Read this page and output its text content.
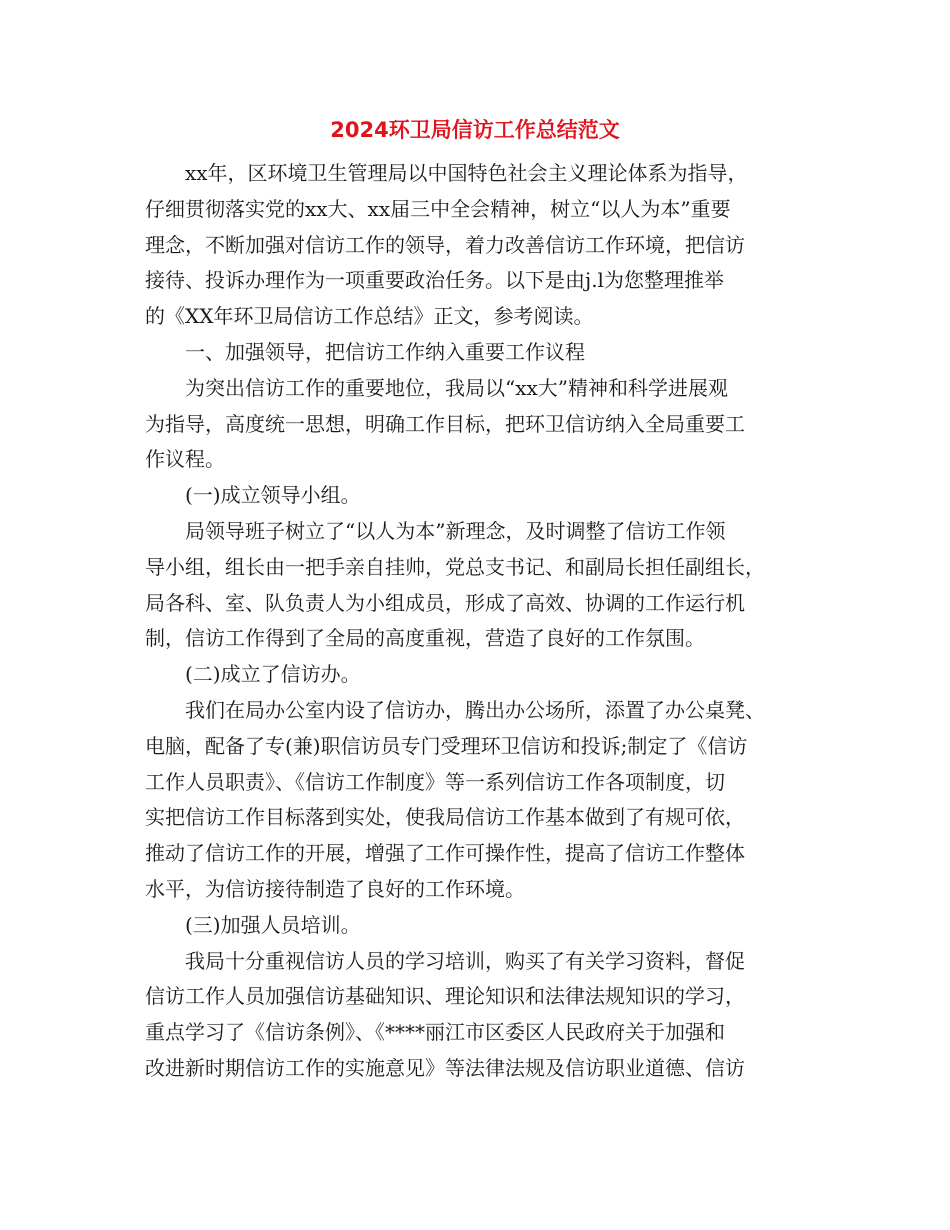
2024环卫局信访工作总结范文
xx年，区环境卫生管理局以中国特色社会主义理论体系为指导，
仔细贯彻落实党的xx大、xx届三中全会精神，树立“以人为本”重要
理念，不断加强对信访工作的领导，着力改善信访工作环境，把信访
接待、投诉办理作为一项重要政治任务。以下是由j.l为您整理推举
的《XX年环卫局信访工作总结》正文，参考阅读。
一、加强领导，把信访工作纳入重要工作议程
为突出信访工作的重要地位，我局以“xx大”精神和科学进展观
为指导，高度统一思想，明确工作目标，把环卫信访纳入全局重要工
作议程。
(一)成立领导小组。
局领导班子树立了“以人为本”新理念，及时调整了信访工作领
导小组，组长由一把手亲自挂帅，党总支书记、和副局长担任副组长，
局各科、室、队负责人为小组成员，形成了高效、协调的工作运行机
制，信访工作得到了全局的高度重视，营造了良好的工作氛围。
(二)成立了信访办。
我们在局办公室内设了信访办，腾出办公场所，添置了办公桌凳、
电脑，配备了专(兼)职信访员专门受理环卫信访和投诉;制定了《信访
工作人员职责》、《信访工作制度》等一系列信访工作各项制度，切
实把信访工作目标落到实处，使我局信访工作基本做到了有规可依，
推动了信访工作的开展，增强了工作可操作性，提高了信访工作整体
水平，为信访接待制造了良好的工作环境。
(三)加强人员培训。
我局十分重视信访人员的学习培训，购买了有关学习资料，督促
信访工作人员加强信访基础知识、理论知识和法律法规知识的学习，
重点学习了《信访条例》、《****丽江市区委区人民政府关于加强和
改进新时期信访工作的实施意见》等法律法规及信访职业道德、信访
